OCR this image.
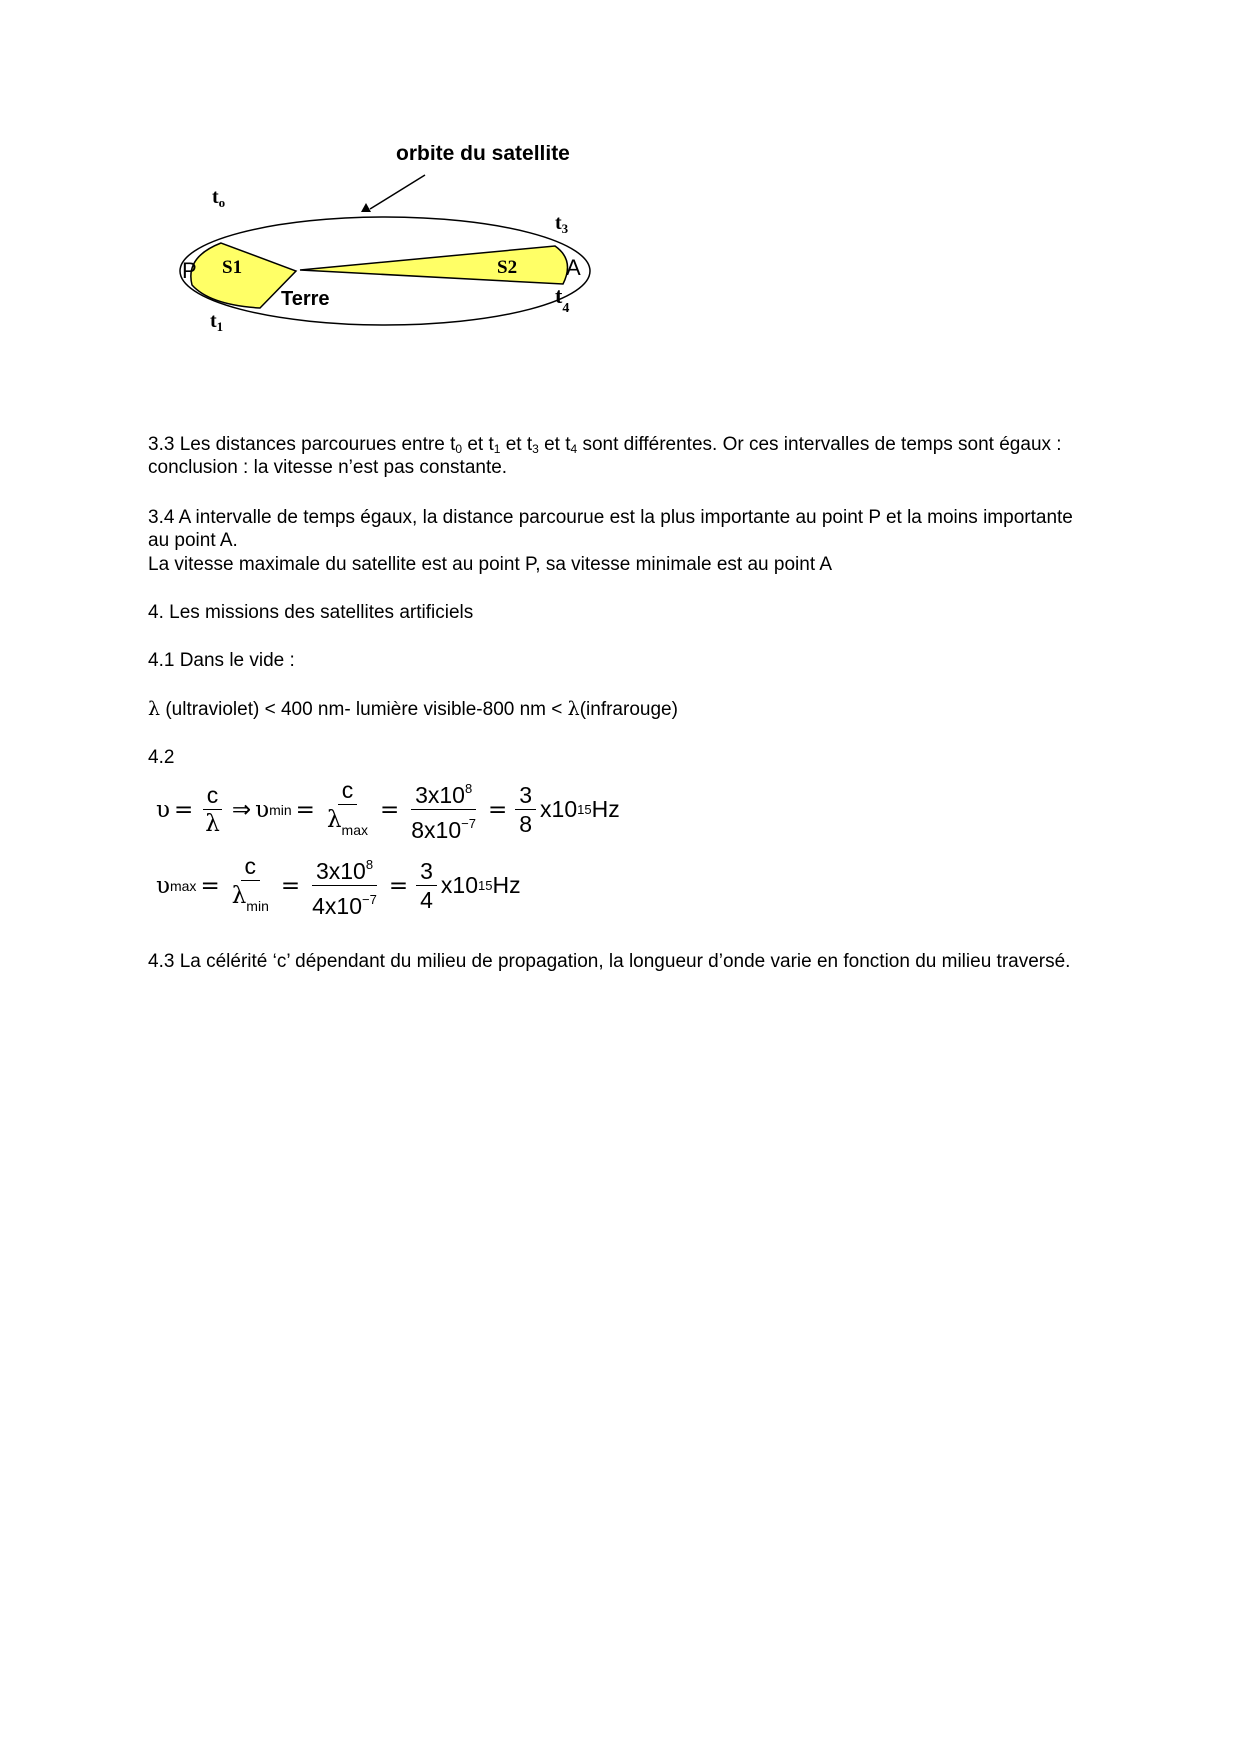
orbite du satellite
$t_o$
$t_1$
$t_3$
$t_4$
P	A
S1	S2
Terre

3.3 Les distances parcourues entre $t_0$ et $t_1$ et $t_3$ et $t_4$ sont différentes. Or ces intervalles de temps sont égaux : conclusion : la vitesse n’est pas constante.

3.4 A intervalle de temps égaux, la distance parcourue est la plus importante au point P et la moins importante au point A.

La vitesse maximale du satellite est au point P, sa vitesse minimale est au point A

4. Les missions des satellites artificiels

4.1 Dans le vide :

λ (ultraviolet) < 400 nm- lumière visible-800 nm < λ(infrarouge)

4.2

$\upsilon = \frac{c}{\lambda}$ ⇒ υ $\min = \frac{c}{\lambda_{max}} = \frac{3x10^8}{8x10^{-7}} = \frac{3}{8} x10$ 15 Hz
υ $\max = \frac{c}{\lambda_{min}} = \frac{3x10^8}{4x10^{-7}} = \frac{3}{4} x10$ 15 Hz

4.3 La célérité ‘c’ dépendant du milieu de propagation, la longueur d’onde varie en fonction du milieu traversé.
